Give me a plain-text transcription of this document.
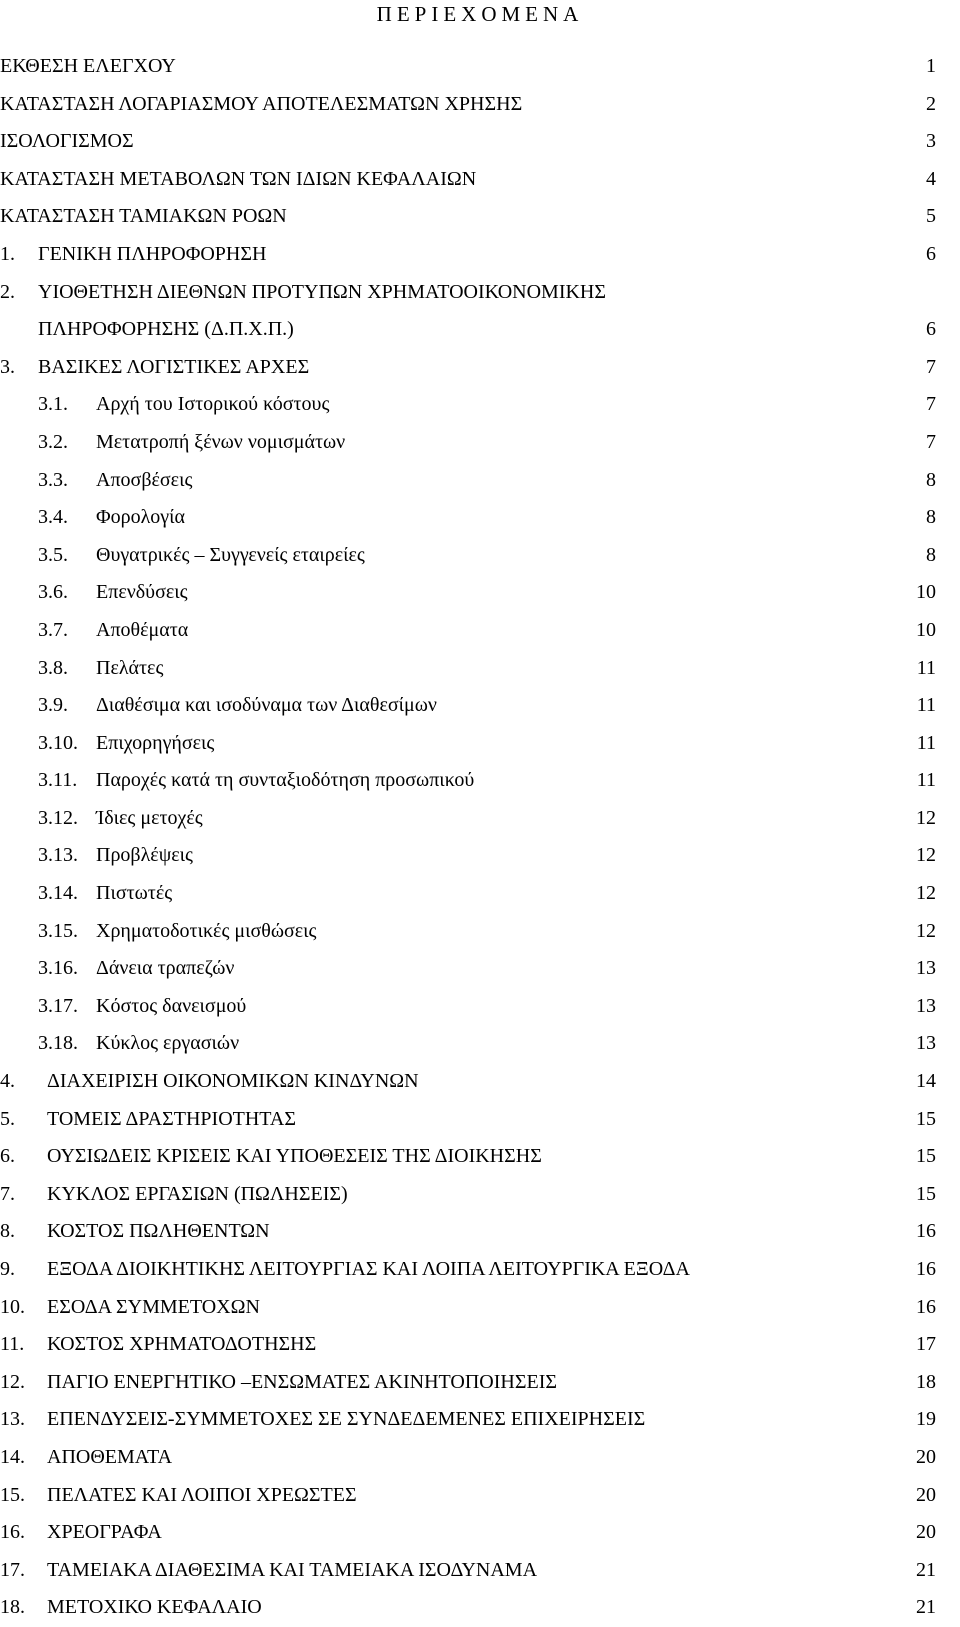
ΠΕΡΙΕΧΟΜΕΝΑ
ΕΚΘΕΣΗ ΕΛΕΓΧΟΥ	1
ΚΑΤΑΣΤΑΣΗ ΛΟΓΑΡΙΑΣΜΟΥ ΑΠΟΤΕΛΕΣΜΑΤΩΝ ΧΡΗΣΗΣ	2
ΙΣΟΛΟΓΙΣΜΟΣ	3
ΚΑΤΑΣΤΑΣΗ ΜΕΤΑΒΟΛΩΝ ΤΩΝ ΙΔΙΩΝ ΚΕΦΑΛΑΙΩΝ	4
ΚΑΤΑΣΤΑΣΗ ΤΑΜΙΑΚΩΝ ΡΟΩΝ	5
1. ΓΕΝΙΚΗ ΠΛΗΡΟΦΟΡΗΣΗ	6
2. ΥΙΟΘΕΤΗΣΗ ΔΙΕΘΝΩΝ ΠΡΟΤΥΠΩΝ ΧΡΗΜΑΤΟΟΙΚΟΝΟΜΙΚΗΣ
ΠΛΗΡΟΦΟΡΗΣΗΣ (Δ.Π.Χ.Π.)	6
3. ΒΑΣΙΚΕΣ ΛΟΓΙΣΤΙΚΕΣ ΑΡΧΕΣ	7
3.1. Αρχή του Ιστορικού κόστους	7
3.2. Μετατροπή ξένων νομισμάτων	7
3.3. Αποσβέσεις	8
3.4. Φορολογία	8
3.5. Θυγατρικές – Συγγενείς εταιρείες	8
3.6. Επενδύσεις	10
3.7. Αποθέματα	10
3.8. Πελάτες	11
3.9. Διαθέσιμα και ισοδύναμα των Διαθεσίμων	11
3.10. Επιχορηγήσεις	11
3.11. Παροχές κατά τη συνταξιοδότηση προσωπικού	11
3.12. Ίδιες μετοχές	12
3.13. Προβλέψεις	12
3.14. Πιστωτές	12
3.15. Χρηματοδοτικές μισθώσεις	12
3.16. Δάνεια τραπεζών	13
3.17. Κόστος δανεισμού	13
3.18. Κύκλος εργασιών	13
4. ΔΙΑΧΕΙΡΙΣΗ ΟΙΚΟΝΟΜΙΚΩΝ ΚΙΝΔΥΝΩΝ	14
5. ΤΟΜΕΙΣ ΔΡΑΣΤΗΡΙΟΤΗΤΑΣ	15
6. ΟΥΣΙΩΔΕΙΣ ΚΡΙΣΕΙΣ ΚΑΙ ΥΠΟΘΕΣΕΙΣ ΤΗΣ ΔΙΟΙΚΗΣΗΣ	15
7. ΚΥΚΛΟΣ ΕΡΓΑΣΙΩΝ (ΠΩΛΗΣΕΙΣ)	15
8. ΚΟΣΤΟΣ ΠΩΛΗΘΕΝΤΩΝ	16
9. ΕΞΟΔΑ ΔΙΟΙΚΗΤΙΚΗΣ ΛΕΙΤΟΥΡΓΙΑΣ ΚΑΙ ΛΟΙΠΑ ΛΕΙΤΟΥΡΓΙΚΑ ΕΞΟΔΑ	16
10. ΕΣΟΔΑ ΣΥΜΜΕΤΟΧΩΝ	16
11. ΚΟΣΤΟΣ ΧΡΗΜΑΤΟΔΟΤΗΣΗΣ	17
12. ΠΑΓΙΟ ΕΝΕΡΓΗΤΙΚΟ –ΕΝΣΩΜΑΤΕΣ ΑΚΙΝΗΤΟΠΟΙΗΣΕΙΣ	18
13. ΕΠΕΝΔΥΣΕΙΣ-ΣΥΜΜΕΤΟΧΕΣ ΣΕ ΣΥΝΔΕΔΕΜΕΝΕΣ ΕΠΙΧΕΙΡΗΣΕΙΣ	19
14. ΑΠΟΘΕΜΑΤΑ	20
15. ΠΕΛΑΤΕΣ ΚΑΙ ΛΟΙΠΟΙ ΧΡΕΩΣΤΕΣ	20
16. ΧΡΕΟΓΡΑΦΑ	20
17. ΤΑΜΕΙΑΚΑ ΔΙΑΘΕΣΙΜΑ ΚΑΙ ΤΑΜΕΙΑΚΑ ΙΣΟΔΥΝΑΜΑ	21
18. ΜΕΤΟΧΙΚΟ ΚΕΦΑΛΑΙΟ	21
